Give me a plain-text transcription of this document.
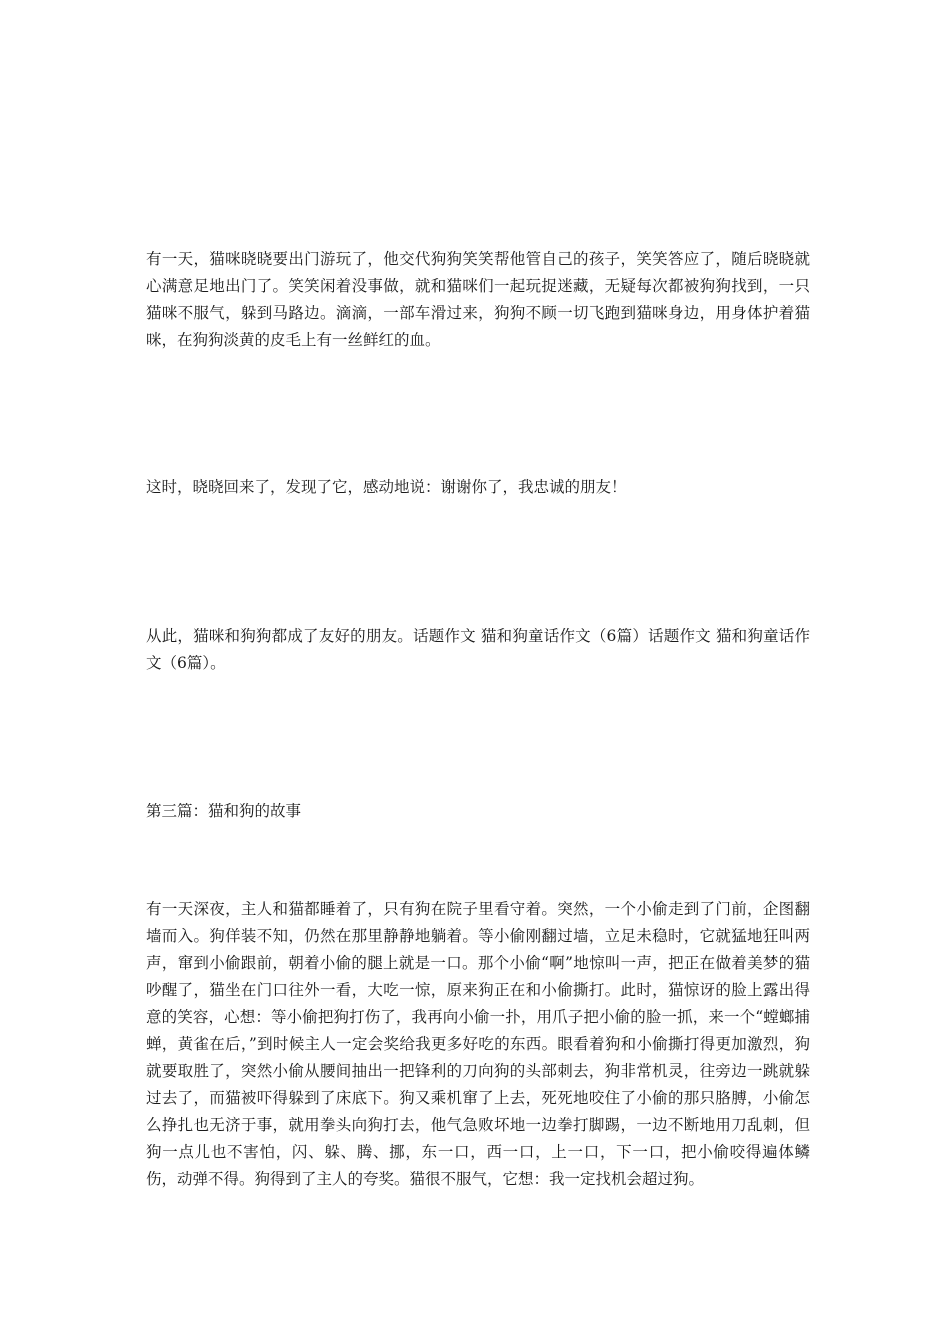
有一天，猫咪晓晓要出门游玩了，他交代狗狗笑笑帮他管自己的孩子，笑笑答应了，随后晓晓就心满意足地出门了。笑笑闲着没事做，就和猫咪们一起玩捉迷藏，无疑每次都被狗狗找到，一只猫咪不服气，躲到马路边。滴滴，一部车滑过来，狗狗不顾一切飞跑到猫咪身边，用身体护着猫咪，在狗狗淡黄的皮毛上有一丝鲜红的血。

这时，晓晓回来了，发现了它，感动地说：谢谢你了，我忠诚的朋友！

从此，猫咪和狗狗都成了友好的朋友。话题作文 猫和狗童话作文（6篇）话题作文 猫和狗童话作文（6篇）。

第三篇：猫和狗的故事

有一天深夜，主人和猫都睡着了，只有狗在院子里看守着。突然，一个小偷走到了门前，企图翻墙而入。狗佯装不知，仍然在那里静静地躺着。等小偷刚翻过墙，立足未稳时，它就猛地狂叫两声，窜到小偷跟前，朝着小偷的腿上就是一口。那个小偷“啊”地惊叫一声，把正在做着美梦的猫吵醒了，猫坐在门口往外一看，大吃一惊，原来狗正在和小偷撕打。此时，猫惊讶的脸上露出得意的笑容，心想：等小偷把狗打伤了，我再向小偷一扑，用爪子把小偷的脸一抓，来一个“螳螂捕蝉，黄雀在后，”到时候主人一定会奖给我更多好吃的东西。眼看着狗和小偷撕打得更加激烈，狗就要取胜了，突然小偷从腰间抽出一把锋利的刀向狗的头部刺去，狗非常机灵，往旁边一跳就躲过去了，而猫被吓得躲到了床底下。狗又乘机窜了上去，死死地咬住了小偷的那只胳膊，小偷怎么挣扎也无济于事，就用拳头向狗打去，他气急败坏地一边拳打脚踢，一边不断地用刀乱刺，但狗一点儿也不害怕，闪、躲、腾、挪，东一口，西一口，上一口，下一口，把小偷咬得遍体鳞伤，动弹不得。狗得到了主人的夸奖。猫很不服气，它想：我一定找机会超过狗。
